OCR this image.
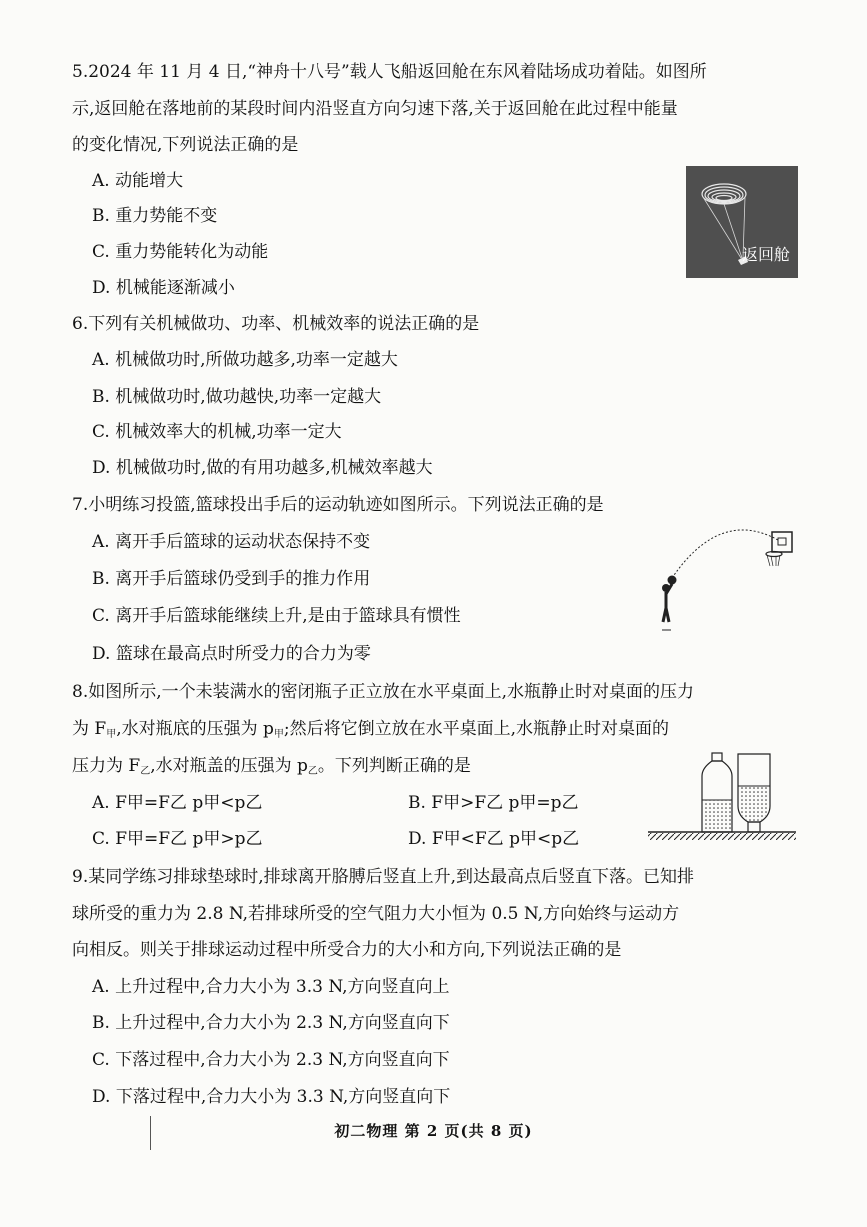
5.2024 年 11 月 4 日,“神舟十八号”载人飞船返回舱在东风着陆场成功着陆。如图所
示,返回舱在落地前的某段时间内沿竖直方向匀速下落,关于返回舱在此过程中能量
的变化情况,下列说法正确的是
A. 动能增大
B. 重力势能不变
C. 重力势能转化为动能
D. 机械能逐渐减小
返回舱
6.下列有关机械做功、功率、机械效率的说法正确的是
A. 机械做功时,所做功越多,功率一定越大
B. 机械做功时,做功越快,功率一定越大
C. 机械效率大的机械,功率一定大
D. 机械做功时,做的有用功越多,机械效率越大
7.小明练习投篮,篮球投出手后的运动轨迹如图所示。下列说法正确的是
A. 离开手后篮球的运动状态保持不变
B. 离开手后篮球仍受到手的推力作用
C. 离开手后篮球能继续上升,是由于篮球具有惯性
D. 篮球在最高点时所受力的合力为零
8.如图所示,一个未装满水的密闭瓶子正立放在水平桌面上,水瓶静止时对桌面的压力
为 $F_甲$,水对瓶底的压强为 $p_甲$;然后将它倒立放在水平桌面上,水瓶静止时对桌面的
压力为 $F_乙$,水对瓶盖的压强为 $p_乙$。下列判断正确的是
A. F甲=F乙 p甲<p乙	B. F甲>F乙 p甲=p乙
C. F甲=F乙 p甲>p乙	D. F甲<F乙 p甲<p乙
9.某同学练习排球垫球时,排球离开胳膊后竖直上升,到达最高点后竖直下落。已知排
球所受的重力为 2.8 N,若排球所受的空气阻力大小恒为 0.5 N,方向始终与运动方
向相反。则关于排球运动过程中所受合力的大小和方向,下列说法正确的是
A. 上升过程中,合力大小为 3.3 N,方向竖直向上
B. 上升过程中,合力大小为 2.3 N,方向竖直向下
C. 下落过程中,合力大小为 2.3 N,方向竖直向下
D. 下落过程中,合力大小为 3.3 N,方向竖直向下
初二物理 第 2 页(共 8 页)
